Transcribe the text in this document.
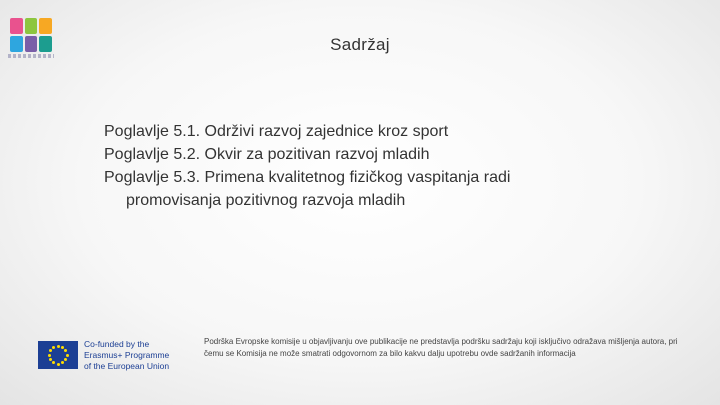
Sadržaj

Poglavlje 5.1. Održivi razvoj zajednice kroz sport

Poglavlje 5.2. Okvir za pozitivan razvoj mladih

Poglavlje 5.3. Primena kvalitetnog fizičkog vaspitanja radi

promovisanja pozitivnog razvoja mladih

Co-funded by the
Erasmus+ Programme
of the European Union
Podrška Evropske komisije u objavljivanju ove publikacije ne predstavlja podršku sadržaju koji isključivo odražava mišljenja autora, pri čemu se Komisija ne može smatrati odgovornom za bilo kakvu dalju upotrebu ovde sadržanih informacija
